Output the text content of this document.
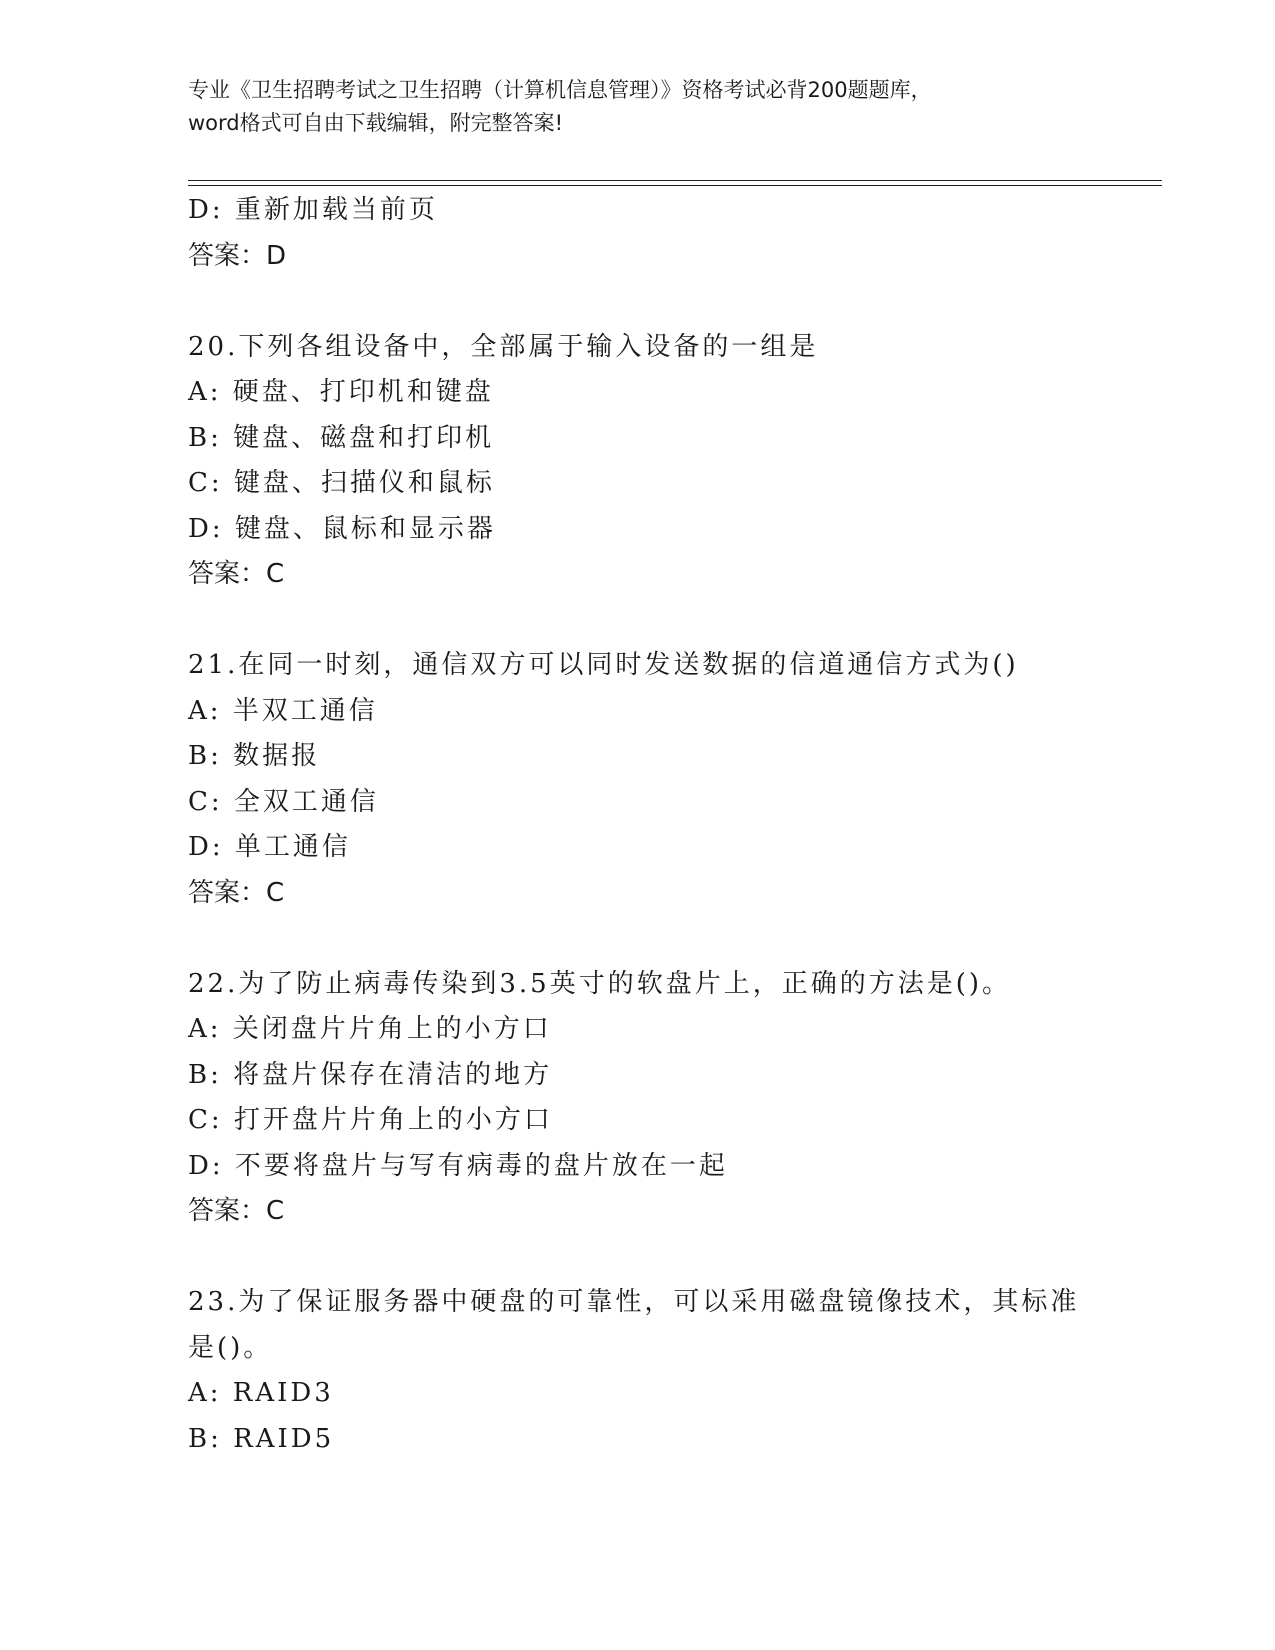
专业《卫生招聘考试之卫生招聘（计算机信息管理）》资格考试必背200题题库，
word格式可自由下载编辑，附完整答案!
D: 重新加载当前页
答案：D
20.下列各组设备中，全部属于输入设备的一组是
A: 硬盘、打印机和键盘
B: 键盘、磁盘和打印机
C: 键盘、扫描仪和鼠标
D: 键盘、鼠标和显示器
答案：C
21.在同一时刻，通信双方可以同时发送数据的信道通信方式为()
A: 半双工通信
B: 数据报
C: 全双工通信
D: 单工通信
答案：C
22.为了防止病毒传染到3.5英寸的软盘片上，正确的方法是()。
A: 关闭盘片片角上的小方口
B: 将盘片保存在清洁的地方
C: 打开盘片片角上的小方口
D: 不要将盘片与写有病毒的盘片放在一起
答案：C
23.为了保证服务器中硬盘的可靠性，可以采用磁盘镜像技术，其标准
是()。
A: RAID3
B: RAID5
